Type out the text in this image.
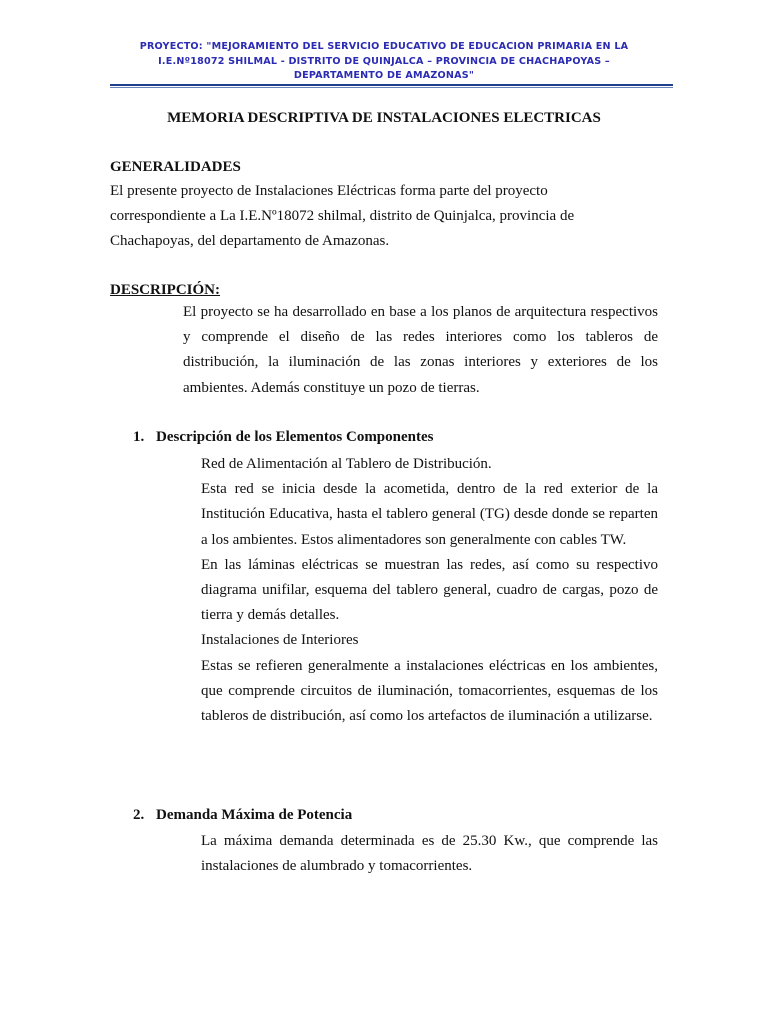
PROYECTO: "MEJORAMIENTO DEL SERVICIO EDUCATIVO DE EDUCACION PRIMARIA EN LA
I.E.Nº18072 SHILMAL - DISTRITO DE QUINJALCA – PROVINCIA DE CHACHAPOYAS –
DEPARTAMENTO DE AMAZONAS"
MEMORIA DESCRIPTIVA DE INSTALACIONES ELECTRICAS
GENERALIDADES
El presente proyecto de Instalaciones Eléctricas forma parte del proyecto
correspondiente a La I.E.Nº18072 shilmal, distrito de Quinjalca, provincia de
Chachapoyas, del departamento de Amazonas.
DESCRIPCIÓN:
El proyecto se ha desarrollado en base a los planos de arquitectura respectivos y comprende el diseño de las redes interiores como los tableros de distribución, la iluminación de las zonas interiores y exteriores de los ambientes. Además constituye un pozo de tierras.
1. Descripción de los Elementos Componentes
Red de Alimentación al Tablero de Distribución.
Esta red se inicia desde la acometida, dentro de la red exterior de la Institución Educativa, hasta el tablero general (TG) desde donde se reparten a los ambientes. Estos alimentadores son generalmente con cables TW.
En las láminas eléctricas se muestran las redes, así como su respectivo diagrama unifilar, esquema del tablero general, cuadro de cargas, pozo de tierra y demás detalles.
Instalaciones de Interiores
Estas se refieren generalmente a instalaciones eléctricas en los ambientes, que comprende circuitos de iluminación, tomacorrientes, esquemas de los tableros de distribución, así como los artefactos de iluminación a utilizarse.
2. Demanda Máxima de Potencia
La máxima demanda determinada es de 25.30 Kw., que comprende las instalaciones de alumbrado y tomacorrientes.
